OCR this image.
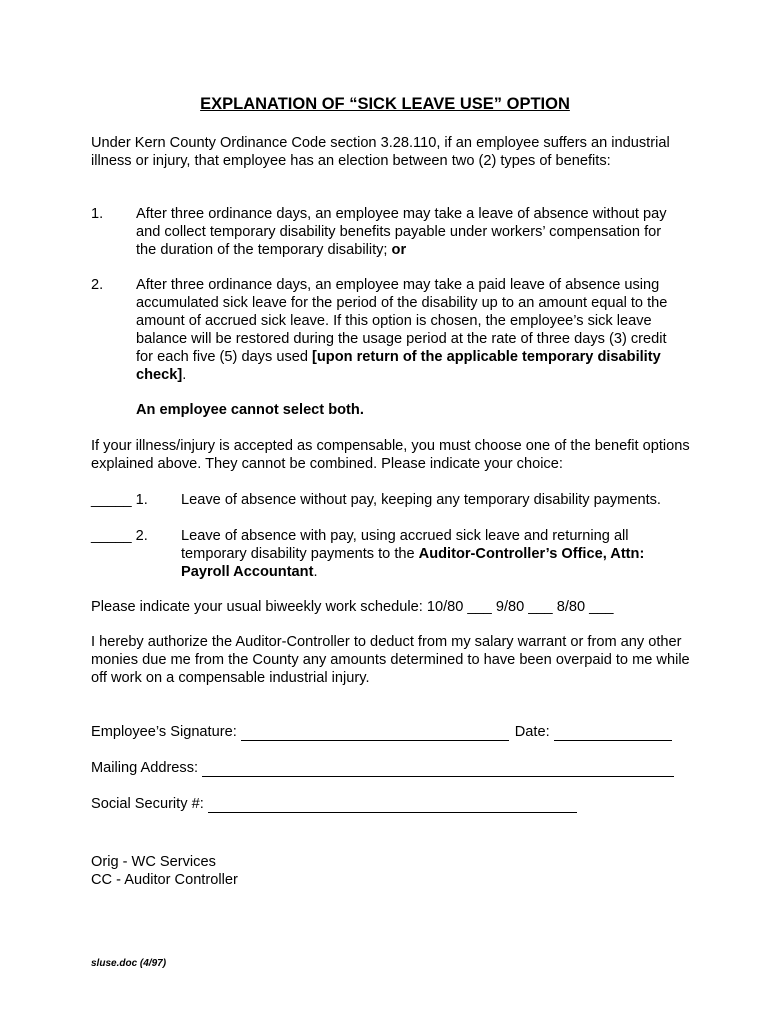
EXPLANATION OF “SICK LEAVE USE” OPTION
Under Kern County Ordinance Code section 3.28.110, if an employee suffers an industrial illness or injury, that employee has an election between two (2) types of benefits:
1. After three ordinance days, an employee may take a leave of absence without pay and collect temporary disability benefits payable under workers’ compensation for the duration of the temporary disability; or
2. After three ordinance days, an employee may take a paid leave of absence using accumulated sick leave for the period of the disability up to an amount equal to the amount of accrued sick leave. If this option is chosen, the employee’s sick leave balance will be restored during the usage period at the rate of three days (3) credit for each five (5) days used [upon return of the applicable temporary disability check].
An employee cannot select both.
If your illness/injury is accepted as compensable, you must choose one of the benefit options explained above. They cannot be combined. Please indicate your choice:
_____ 1. Leave of absence without pay, keeping any temporary disability payments.
_____ 2. Leave of absence with pay, using accrued sick leave and returning all temporary disability payments to the Auditor-Controller’s Office, Attn: Payroll Accountant.
Please indicate your usual biweekly work schedule: 10/80 ___ 9/80 ___ 8/80 ___
I hereby authorize the Auditor-Controller to deduct from my salary warrant or from any other monies due me from the County any amounts determined to have been overpaid to me while off work on a compensable industrial injury.
Employee’s Signature:	Date:
Mailing Address:
Social Security #:
Orig - WC Services
CC - Auditor Controller
sluse.doc (4/97)
